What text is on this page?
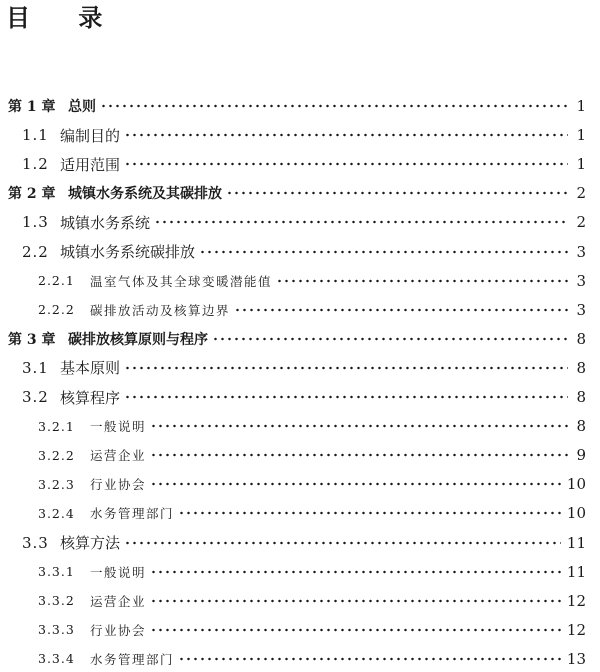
目 录
第 1 章 总则	1
1.1 编制目的	1
1.2 适用范围	1
第 2 章 城镇水务系统及其碳排放	2
1.3 城镇水务系统	2
2.2 城镇水务系统碳排放	3
2.2.1	温室气体及其全球变暖潜能值	3
2.2.2	碳排放活动及核算边界	3
第 3 章 碳排放核算原则与程序	8
3.1 基本原则	8
3.2 核算程序	8
3.2.1	一般说明	8
3.2.2	运营企业	9
3.2.3	行业协会	10
3.2.4	水务管理部门	10
3.3 核算方法	11
3.3.1	一般说明	11
3.3.2	运营企业	12
3.3.3	行业协会	12
3.3.4	水务管理部门	13
